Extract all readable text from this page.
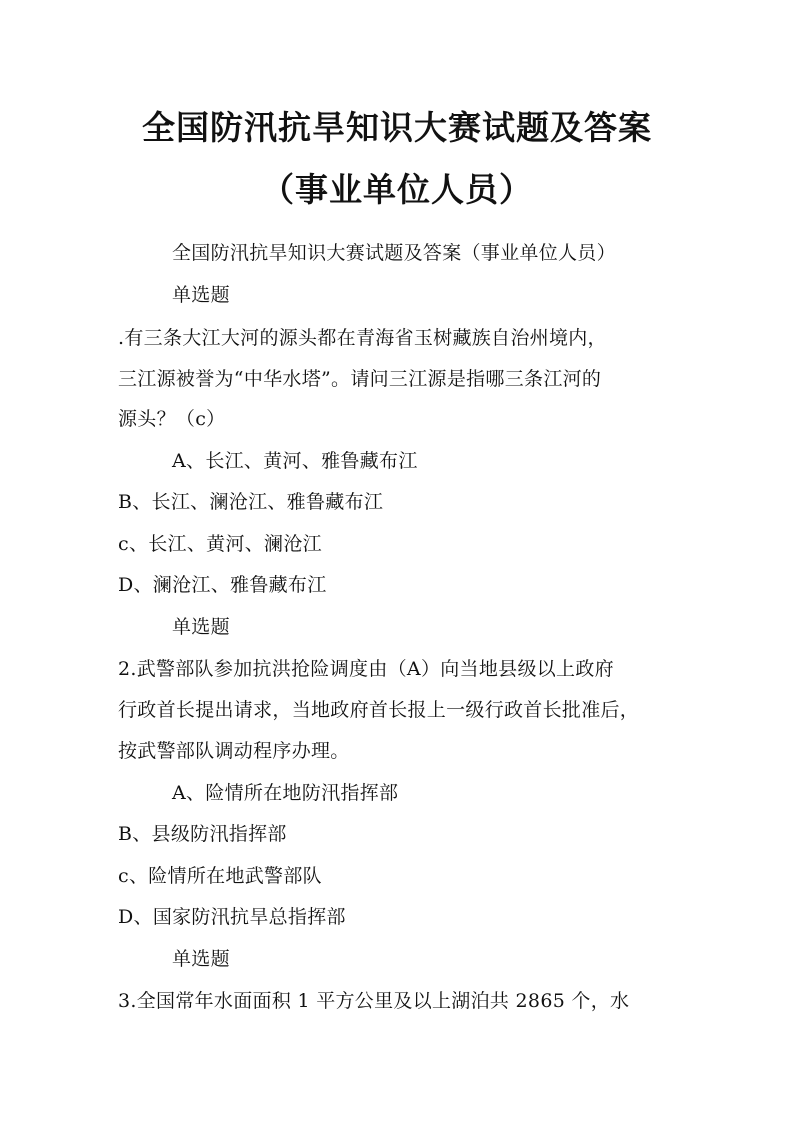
全国防汛抗旱知识大赛试题及答案
（事业单位人员）
全国防汛抗旱知识大赛试题及答案（事业单位人员）
单选题
.有三条大江大河的源头都在青海省玉树藏族自治州境内，
三江源被誉为“中华水塔”。请问三江源是指哪三条江河的
源头？（c）
A、长江、黄河、雅鲁藏布江
B、长江、澜沧江、雅鲁藏布江
c、长江、黄河、澜沧江
D、澜沧江、雅鲁藏布江
单选题
2.武警部队参加抗洪抢险调度由（A）向当地县级以上政府
行政首长提出请求，当地政府首长报上一级行政首长批准后，
按武警部队调动程序办理。
A、险情所在地防汛指挥部
B、县级防汛指挥部
c、险情所在地武警部队
D、国家防汛抗旱总指挥部
单选题
3.全国常年水面面积 1 平方公里及以上湖泊共 2865 个，水
